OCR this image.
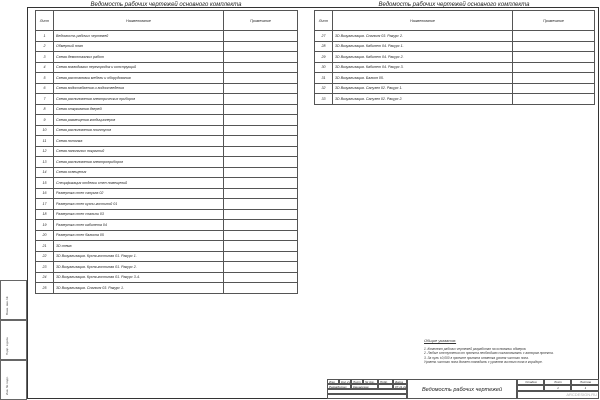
Взам. инв. №
Подп. и дата
Инв. № подл.
Ведомость рабочих чертежей основного комплекта
Лист	Наименование	Примечание
1	Ведомость рабочих чертежей	
2	Обмерный план	
3	Схема демонтажных работ	
4	Схема возводимых перегородок и конструкций	
5	Схема расстановки мебели и оборудования	
6	Схема водоснабжения и водоотведения	
7	Схема расположения электрических приборов	
8	Схема открывания дверей	
9	Схема размещения кондиционеров	
10	Схема расположения плинтусов	
11	Схема потолка	
12	Схема напольных покрытий	
13	Схема расположения электроприборов	
14	Схема освещения	
15	Спецификация отделки стен помещений	
16	Развертка стен санузла 02	
17	Развертка стен кухни-гостиной 01	
18	Развертка стен спальни 03	
19	Развертка стен кабинета 04	
20	Развертка стен балкона 05	
21	3D схема	
22	3D Визуализация. Кухня-гостиная 01. Ракурс 1.	
23	3D Визуализация. Кухня-гостиная 01. Ракурс 2.	
24	3D Визуализация. Кухня-гостиная 01. Ракурс 3-4.	
25	3D Визуализация. Спальня 03. Ракурс 1.	
Ведомость рабочих чертежей основного комплекта
Лист	Наименование	Примечание
27	3D Визуализация. Спальня 03. Ракурс 2.	
28	3D Визуализация. Кабинет 04. Ракурс 1.	
29	3D Визуализация. Кабинет 04. Ракурс 2.	
30	3D Визуализация. Кабинет 04. Ракурс 3.	
31	3D Визуализация. Балкон 05.	
32	3D Визуализация. Санузел 02. Ракурс 1.	
33	3D Визуализация. Санузел 02. Ракурс 2.	
Общие указания:
1. Комплект рабочих чертежей разработан на основании обмеров.
2. Любые отступления от проекта необходимо согласовывать с автором проекта.
3. За нуль ±0,000 в проекте принята отметка уровня чистого пола.
Уровень чистого пола должен совпадать с уровнем чистого пола в коридоре.
Изм.	Кол.уч	Лист	№ док.	Подп.	Дата
Разработал	Кашарская	07.11.22	Ведомость рабочих чертежей
Стадия	Лист	Листов
1	1
ARCDESIGN.RU
